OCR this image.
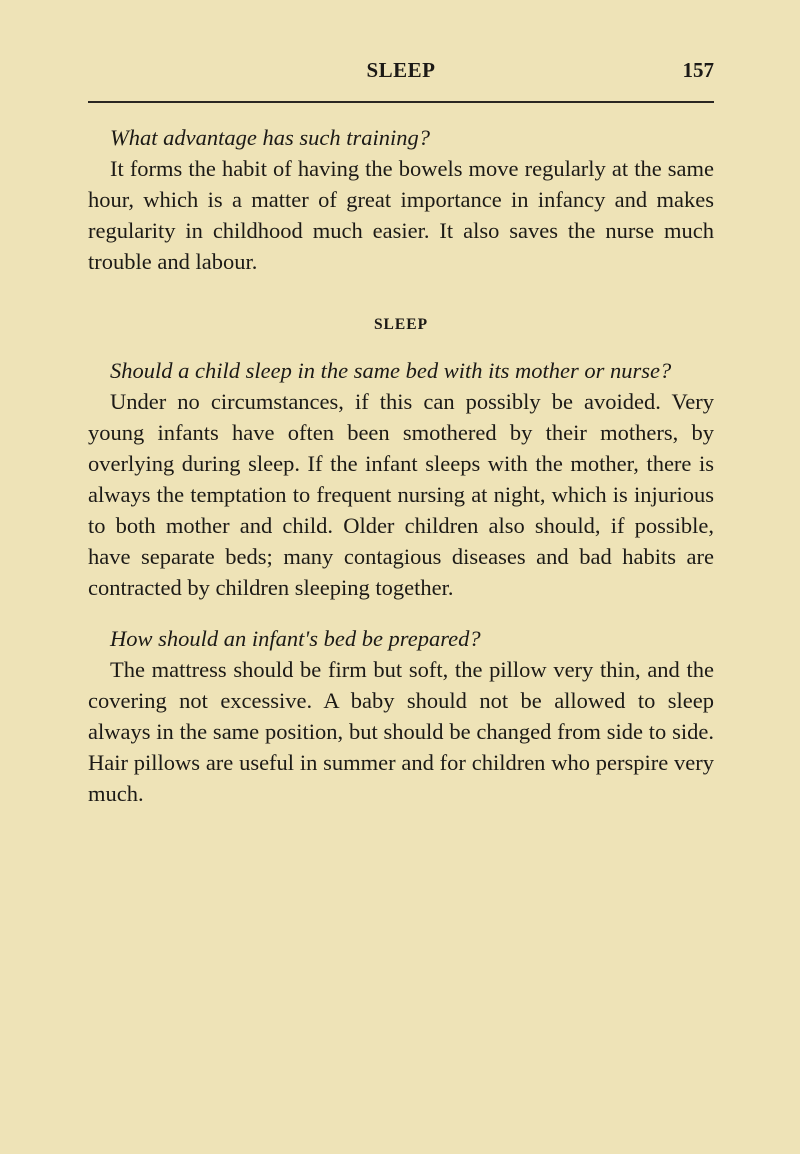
SLEEP	157

What advantage has such training?

It forms the habit of having the bowels move regularly at the same hour, which is a matter of great importance in infancy and makes regularity in childhood much easier. It also saves the nurse much trouble and labour.

SLEEP

Should a child sleep in the same bed with its mother or nurse?

Under no circumstances, if this can possibly be avoided. Very young infants have often been smothered by their mothers, by overlying during sleep. If the infant sleeps with the mother, there is always the temptation to frequent nursing at night, which is injurious to both mother and child. Older children also should, if possible, have separate beds; many contagious diseases and bad habits are contracted by children sleeping together.

How should an infant's bed be prepared?

The mattress should be firm but soft, the pillow very thin, and the covering not excessive. A baby should not be allowed to sleep always in the same position, but should be changed from side to side. Hair pillows are useful in summer and for children who perspire very much.
